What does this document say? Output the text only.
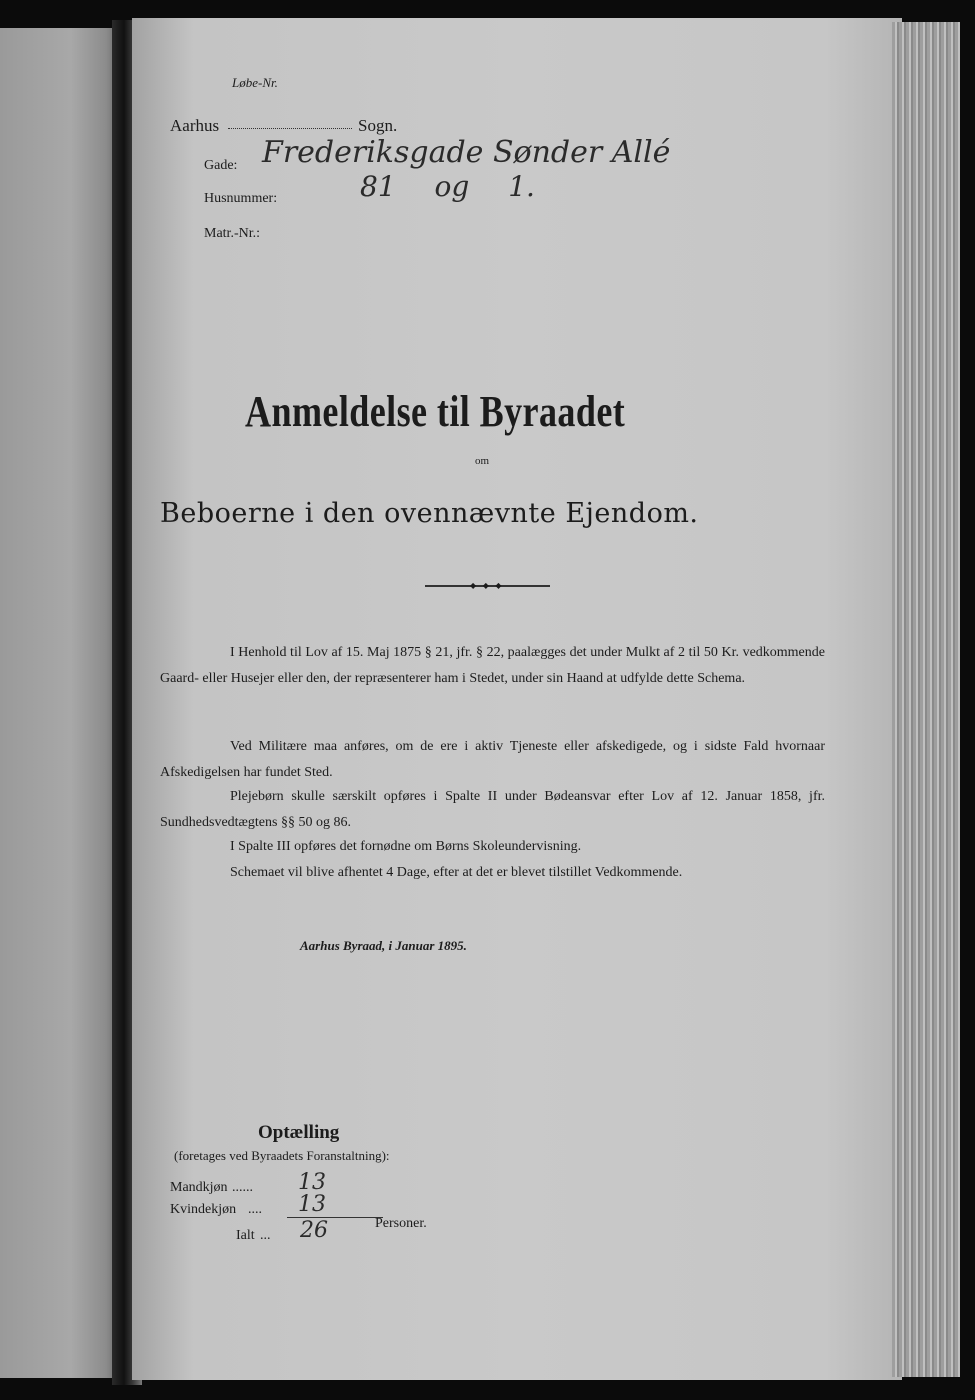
Løbe-Nr.
Aarhus	Sogn.
Gade: Frederiksgade Sønder Allé
Husnummer:	81 og 1.
Matr.-Nr.:
Anmeldelse til Byraadet
om
Beboerne i den ovennævnte Ejendom.
◆ ◆ ◆
I Henhold til Lov af 15. Maj 1875 § 21, jfr. § 22, paalægges det under Mulkt af 2 til 50 Kr. vedkommende Gaard- eller Husejer eller den, der repræsenterer ham i Stedet, under sin Haand at udfylde dette Schema.
Ved Militære maa anføres, om de ere i aktiv Tjeneste eller afskedigede, og i sidste Fald hvornaar Afskedigelsen har fundet Sted.
Plejebørn skulle særskilt opføres i Spalte II under Bødeansvar efter Lov af 12. Januar 1858, jfr. Sundhedsvedtægtens §§ 50 og 86.
I Spalte III opføres det fornødne om Børns Skoleundervisning.
Schemaet vil blive afhentet 4 Dage, efter at det er blevet tilstillet Vedkommende.
Aarhus Byraad, i Januar 1895.
Optælling
(foretages ved Byraadets Foranstaltning):
Mandkjøn ...... 13
Kvindekjøn .... 13
Ialt ... 26	Personer.
